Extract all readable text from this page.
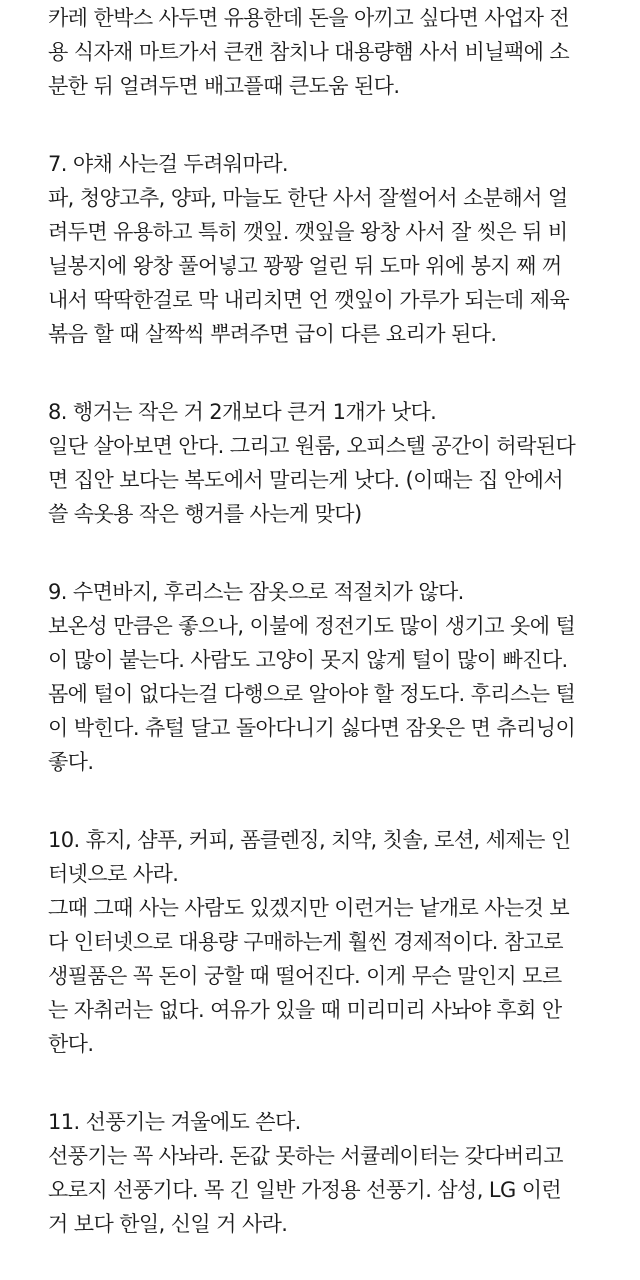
카레 한박스 사두면 유용한데 돈을 아끼고 싶다면 사업자 전
용 식자재 마트가서 큰캔 참치나 대용량햄 사서 비닐팩에 소
분한 뒤 얼려두면 배고플때 큰도움 된다.
7. 야채 사는걸 두려워마라.
파, 청양고추, 양파, 마늘도 한단 사서 잘썰어서 소분해서 얼
려두면 유용하고 특히 깻잎. 깻잎을 왕창 사서 잘 씻은 뒤 비
닐봉지에 왕창 풀어넣고 꽝꽝 얼린 뒤 도마 위에 봉지 째 꺼
내서 딱딱한걸로 막 내리치면 언 깻잎이 가루가 되는데 제육
볶음 할 때 살짝씩 뿌려주면 급이 다른 요리가 된다.
8. 행거는 작은 거 2개보다 큰거 1개가 낫다.
일단 살아보면 안다. 그리고 원룸, 오피스텔 공간이 허락된다
면 집안 보다는 복도에서 말리는게 낫다. (이때는 집 안에서
쓸 속옷용 작은 행거를 사는게 맞다)
9. 수면바지, 후리스는 잠옷으로 적절치가 않다.
보온성 만큼은 좋으나, 이불에 정전기도 많이 생기고 옷에 털
이 많이 붙는다. 사람도 고양이 못지 않게 털이 많이 빠진다.
몸에 털이 없다는걸 다행으로 알아야 할 정도다. 후리스는 털
이 박힌다. 츄털 달고 돌아다니기 싫다면 잠옷은 면 츄리닝이
좋다.
10. 휴지, 샴푸, 커피, 폼클렌징, 치약, 칫솔, 로션, 세제는 인
터넷으로 사라.
그때 그때 사는 사람도 있겠지만 이런거는 낱개로 사는것 보
다 인터넷으로 대용량 구매하는게 훨씬 경제적이다. 참고로
생필품은 꼭 돈이 궁할 때 떨어진다. 이게 무슨 말인지 모르
는 자취러는 없다. 여유가 있을 때 미리미리 사놔야 후회 안
한다.
11. 선풍기는 겨울에도 쓴다.
선풍기는 꼭 사놔라. 돈값 못하는 서큘레이터는 갖다버리고
오로지 선풍기다. 목 긴 일반 가정용 선풍기. 삼성, LG 이런
거 보다 한일, 신일 거 사라.
